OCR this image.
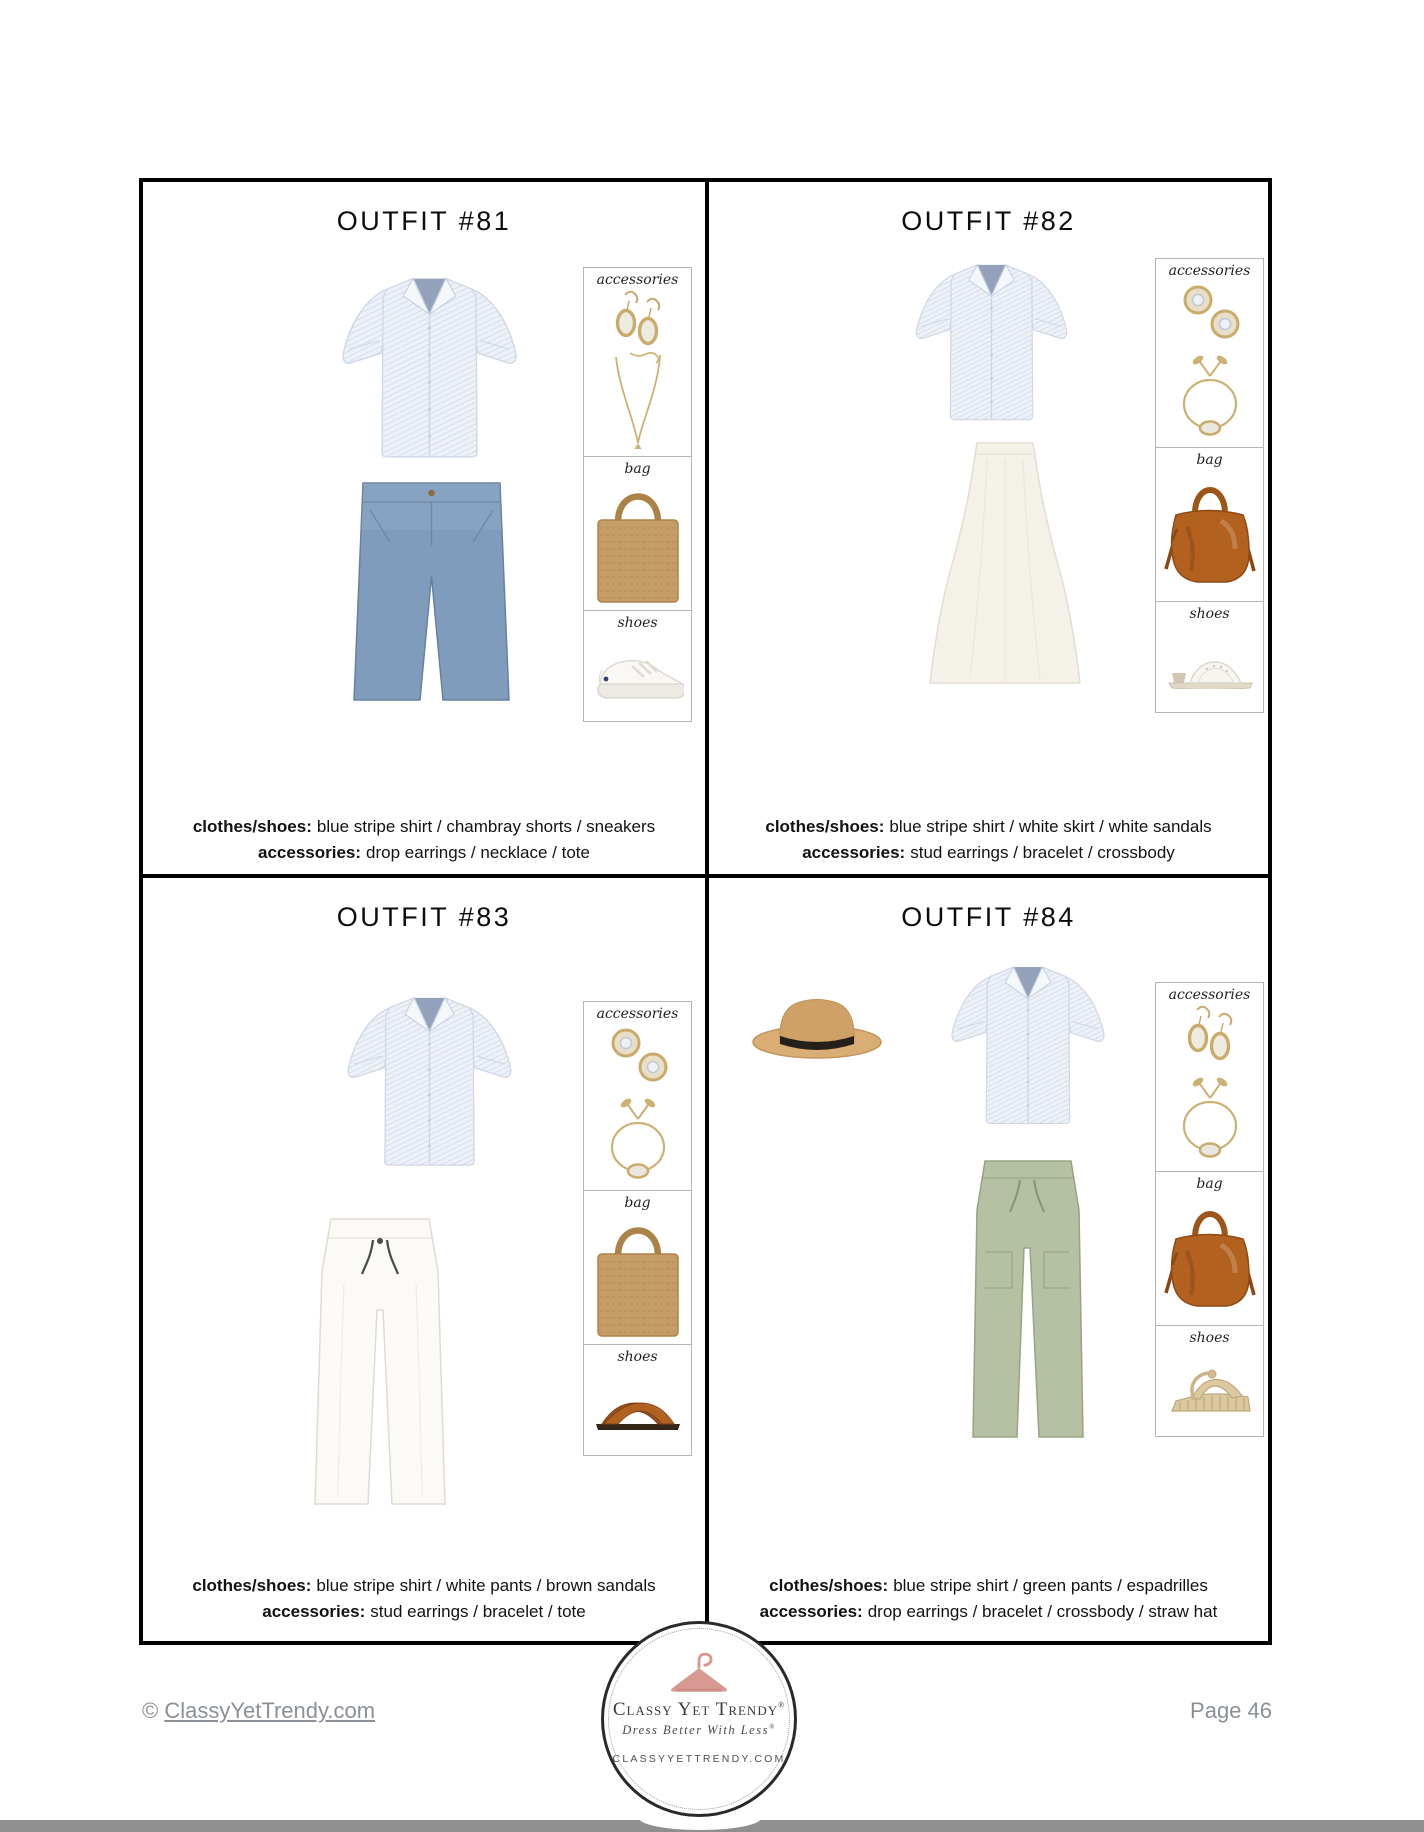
OUTFIT #81
accessories
bag
shoes
clothes/shoes: blue stripe shirt / chambray shorts / sneakers
accessories: drop earrings / necklace / tote
OUTFIT #82
accessories
bag
shoes
clothes/shoes: blue stripe shirt / white skirt / white sandals
accessories: stud earrings / bracelet / crossbody
OUTFIT #83
accessories
bag
shoes
clothes/shoes: blue stripe shirt / white pants / brown sandals
accessories: stud earrings / bracelet / tote
OUTFIT #84
accessories
bag
shoes
clothes/shoes: blue stripe shirt / green pants / espadrilles
accessories: drop earrings / bracelet / crossbody / straw hat
© ClassyYetTrendy.com	Page 46
Classy Yet Trendy®
Dress Better With Less®
CLASSYYETTRENDY.COM
